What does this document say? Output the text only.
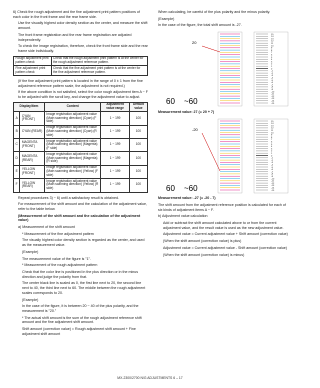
6) Check the rough adjustment and the fine adjustment print pattern positions of each color in the front frame and the rear frame side.

Use the visually highest color density section as the center, and measure the shift amount.

The front frame registration and the rear frame registration are adjusted independently.

To check the image registration, therefore, check the front frame side and the rear frame side individually.

Rough adjustment print pattern check	Check that the rough adjustment print pattern is at the center for the rough adjustment reference pattern.
Fine adjustment print pattern check	Check that the fine adjustment print pattern is at the center for the fine adjustment reference pattern.

(If the fine adjustment print pattern is located in the range of 0 ± 1 from the fine adjustment reference pattern scale, the adjustment is not required.)

If the above condition is not satisfied, select the color rough adjustment item A ~ F to be adjusted with the scroll key, and change the adjustment value to adjust.

Display/Item		Content	Adjustment value range	Default value
A	CYAN (FRONT)	Image registration adjustment value (Main scanning direction) (Cyan) (F side)	1 ~ 199	100
B	CYAN (REAR)	Image registration adjustment value (Main scanning direction) (Cyan) (R side)	1 ~ 199	100
C	MAGENTA (FRONT)	Image registration adjustment value (Main scanning direction) (Magenta) (F side)	1 ~ 199	100
D	MAGENTA (REAR)	Image registration adjustment value (Main scanning direction) (Magenta) (R side)	1 ~ 199	100
E	YELLOW (FRONT)	Image registration adjustment value (Main scanning direction) (Yellow) (F side)	1 ~ 199	100
F	YELLOW (REAR)	Image registration adjustment value (Main scanning direction) (Yellow) (R side)	1 ~ 199	100

Repeat procedures 3) ~ 6) until a satisfactory result is obtained.

For measurement of the shift amount and the calculation of the adjustment value, refer to the table below.

(Measurement of the shift amount and the calculation of the adjustment value)

a) Measurement of the shift amount

* Measurement of the fine adjustment pattern

The visually highest color density section is regarded as the center, and used as the measurement value.

(Example)

The measurement value of the figure is "1".

* Measurement of the rough adjustment pattern

Check that the color line is positioned in the plus direction or in the minus direction and judge the polarity from that.

The center black line is scaled as 0, the first line next to 20, the second line next to 40, the third line next to 60. The middle between the rough adjustment scales corresponds to 20.

(Example)

In the case of the figure, it is between 20 ~ 40 of the plus polarity, and the measurement is "20."

* The actual shift amount is the sum of the rough adjustment reference shift amount and the fine adjustment shift amount.

Shift amount (correction value) = Rough adjustment shift amount + Fine adjustment shift amount

When calculating, be careful of the plus polarity and the minus polarity.

(Example)

In the case of the figure, the total shift amount is -27.

20
60 ~60
15
14
13
12
11
10
9
8
7
6
5
4
3
2
1
0
-1
-2
-3
-4
-5
-6
-7
-8
-9
-10
-11
-12
-13
-14
-15

Measurement value: 27 (= 20 + 7)

-20
60 ~60
15
14
13
12
11
10
9
8
7
6
5
4
3
2
1
0
-1
-2
-3
-4
-5
-6
-7
-8
-9
-10
-11
-12
-13
-14
-15

Measurement value: -27 (= -20 - 7)

The shift amount from the adjustment reference position is calculated for each of six kinds of adjustment items A ~ F.

b) Adjustment value calculation

Add or subtract the shift amount calculated above to or from the current adjustment value, and the result value is used as the new adjustment value.

Adjustment value = Current adjustment value + Shift amount (correction value)

(When the shift amount (correction value) is plus)

Adjustment value = Current adjustment value - Shift amount (correction value)

(When the shift amount (correction value) is minus)

MX-2300/2700 N/G ADJUSTMENTS 6 – 17
